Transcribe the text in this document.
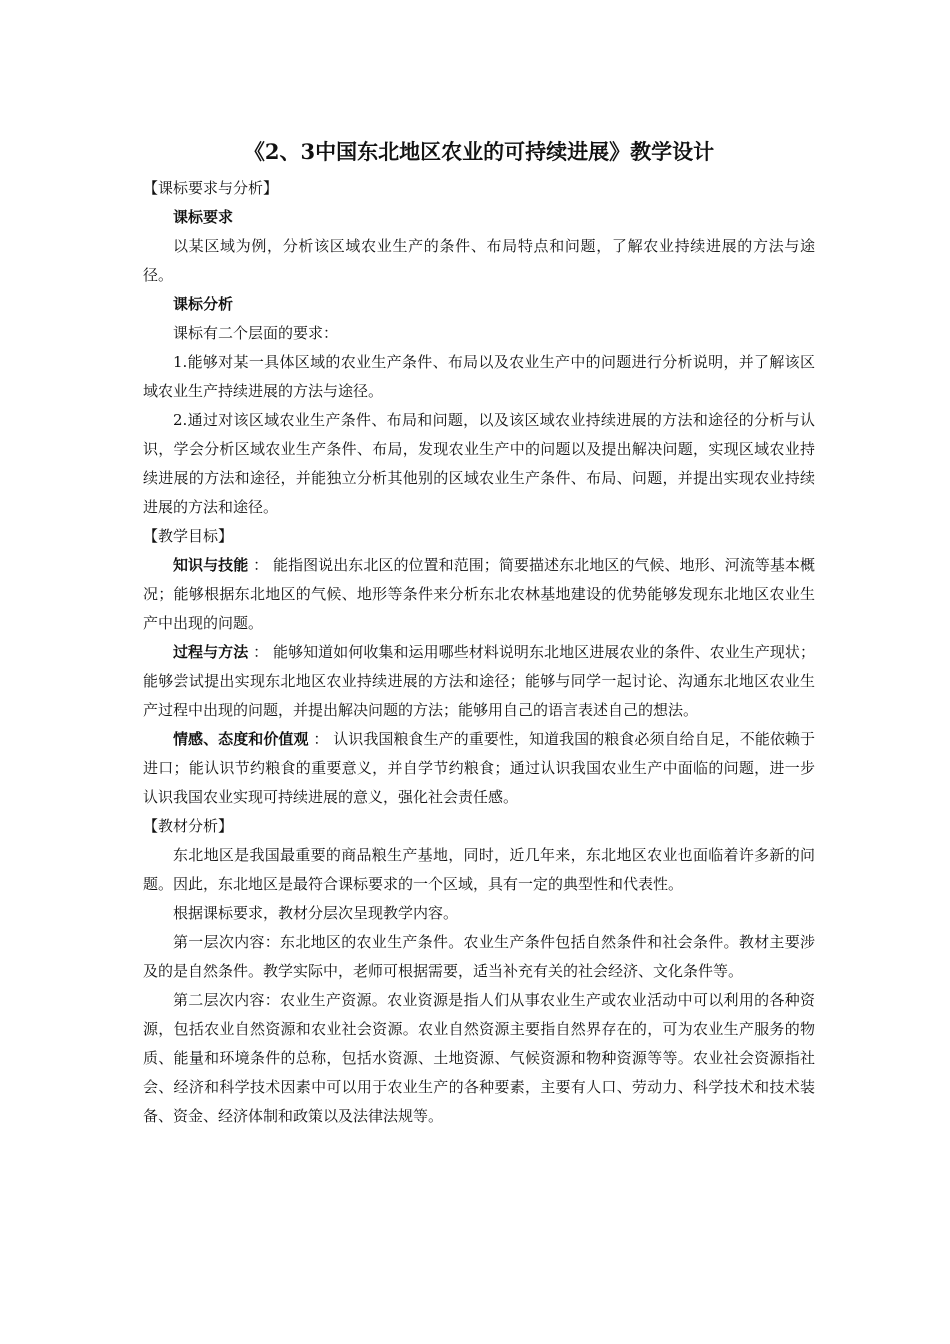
《2、3中国东北地区农业的可持续进展》教学设计
【课标要求与分析】
课标要求
以某区域为例，分析该区域农业生产的条件、布局特点和问题，了解农业持续进展的方法与途径。
课标分析
课标有二个层面的要求：
1.能够对某一具体区域的农业生产条件、布局以及农业生产中的问题进行分析说明，并了解该区域农业生产持续进展的方法与途径。
2.通过对该区域农业生产条件、布局和问题，以及该区域农业持续进展的方法和途径的分析与认识，学会分析区域农业生产条件、布局，发现农业生产中的问题以及提出解决问题，实现区域农业持续进展的方法和途径，并能独立分析其他别的区域农业生产条件、布局、问题，并提出实现农业持续进展的方法和途径。
【教学目标】
知识与技能 ： 能指图说出东北区的位置和范围；简要描述东北地区的气候、地形、河流等基本概况；能够根据东北地区的气候、地形等条件来分析东北农林基地建设的优势能够发现东北地区农业生产中出现的问题。
过程与方法 ： 能够知道如何收集和运用哪些材料说明东北地区进展农业的条件、农业生产现状；能够尝试提出实现东北地区农业持续进展的方法和途径；能够与同学一起讨论、沟通东北地区农业生产过程中出现的问题，并提出解决问题的方法；能够用自己的语言表述自己的想法。
情感、态度和价值观 ： 认识我国粮食生产的重要性，知道我国的粮食必须自给自足，不能依赖于进口；能认识节约粮食的重要意义，并自学节约粮食；通过认识我国农业生产中面临的问题，进一步认识我国农业实现可持续进展的意义，强化社会责任感。
【教材分析】
东北地区是我国最重要的商品粮生产基地，同时，近几年来，东北地区农业也面临着许多新的问题。因此，东北地区是最符合课标要求的一个区域，具有一定的典型性和代表性。
根据课标要求，教材分层次呈现教学内容。
第一层次内容：东北地区的农业生产条件。农业生产条件包括自然条件和社会条件。教材主要涉及的是自然条件。教学实际中，老师可根据需要，适当补充有关的社会经济、文化条件等。
第二层次内容：农业生产资源。农业资源是指人们从事农业生产或农业活动中可以利用的各种资源，包括农业自然资源和农业社会资源。农业自然资源主要指自然界存在的，可为农业生产服务的物质、能量和环境条件的总称，包括水资源、土地资源、气候资源和物种资源等等。农业社会资源指社会、经济和科学技术因素中可以用于农业生产的各种要素，主要有人口、劳动力、科学技术和技术装备、资金、经济体制和政策以及法律法规等。
